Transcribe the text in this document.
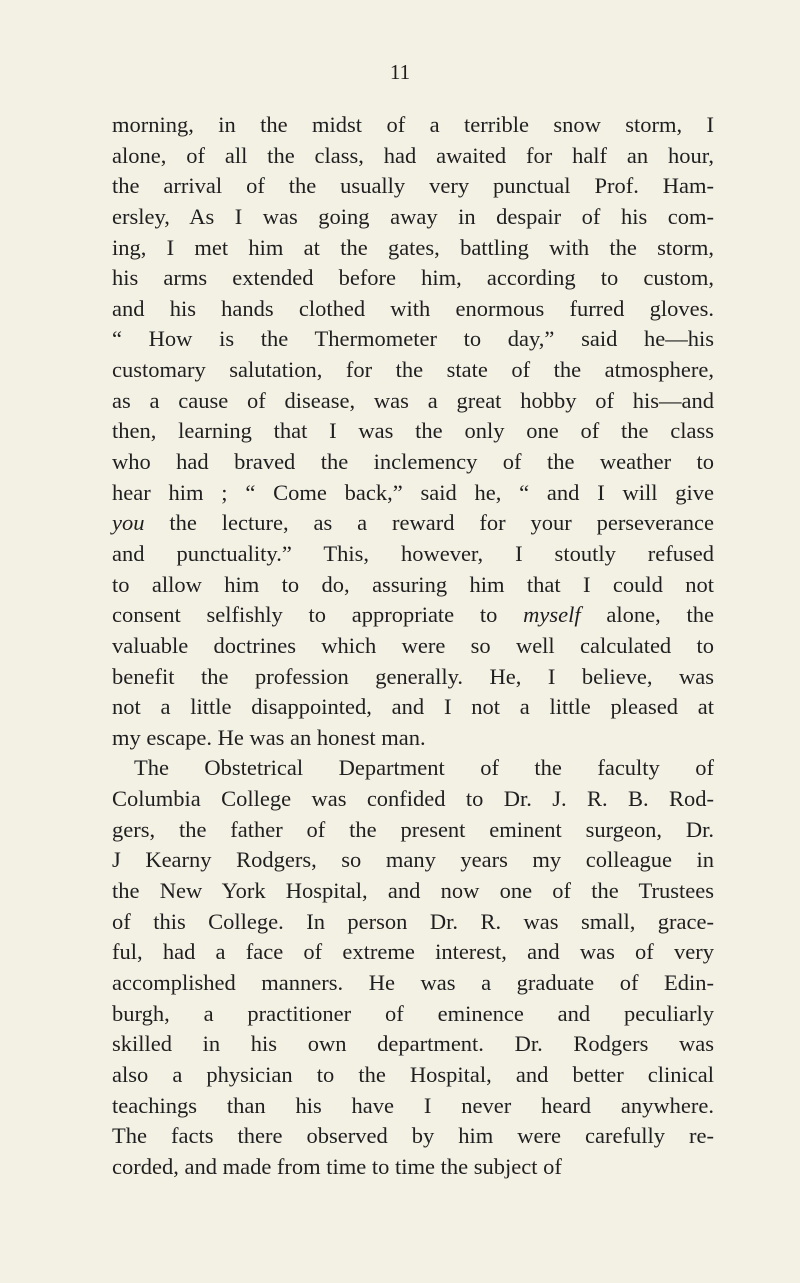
11
morning, in the midst of a terrible snow storm, I
alone, of all the class, had awaited for half an hour,
the arrival of the usually very punctual Prof. Ham-
ersley, As I was going away in despair of his com-
ing, I met him at the gates, battling with the storm,
his arms extended before him, according to custom,
and his hands clothed with enormous furred gloves.
“ How is the Thermometer to day,” said he—his
customary salutation, for the state of the atmosphere,
as a cause of disease, was a great hobby of his—and
then, learning that I was the only one of the class
who had braved the inclemency of the weather to
hear him ; “ Come back,” said he, “ and I will give
you the lecture, as a reward for your perseverance
and punctuality.” This, however, I stoutly refused
to allow him to do, assuring him that I could not
consent selfishly to appropriate to myself alone, the
valuable doctrines which were so well calculated to
benefit the profession generally. He, I believe, was
not a little disappointed, and I not a little pleased at
my escape. He was an honest man.
The Obstetrical Department of the faculty of
Columbia College was confided to Dr. J. R. B. Rod-
gers, the father of the present eminent surgeon, Dr.
J Kearny Rodgers, so many years my colleague in
the New York Hospital, and now one of the Trustees
of this College. In person Dr. R. was small, grace-
ful, had a face of extreme interest, and was of very
accomplished manners. He was a graduate of Edin-
burgh, a practitioner of eminence and peculiarly
skilled in his own department. Dr. Rodgers was
also a physician to the Hospital, and better clinical
teachings than his have I never heard anywhere.
The facts there observed by him were carefully re-
corded, and made from time to time the subject of
